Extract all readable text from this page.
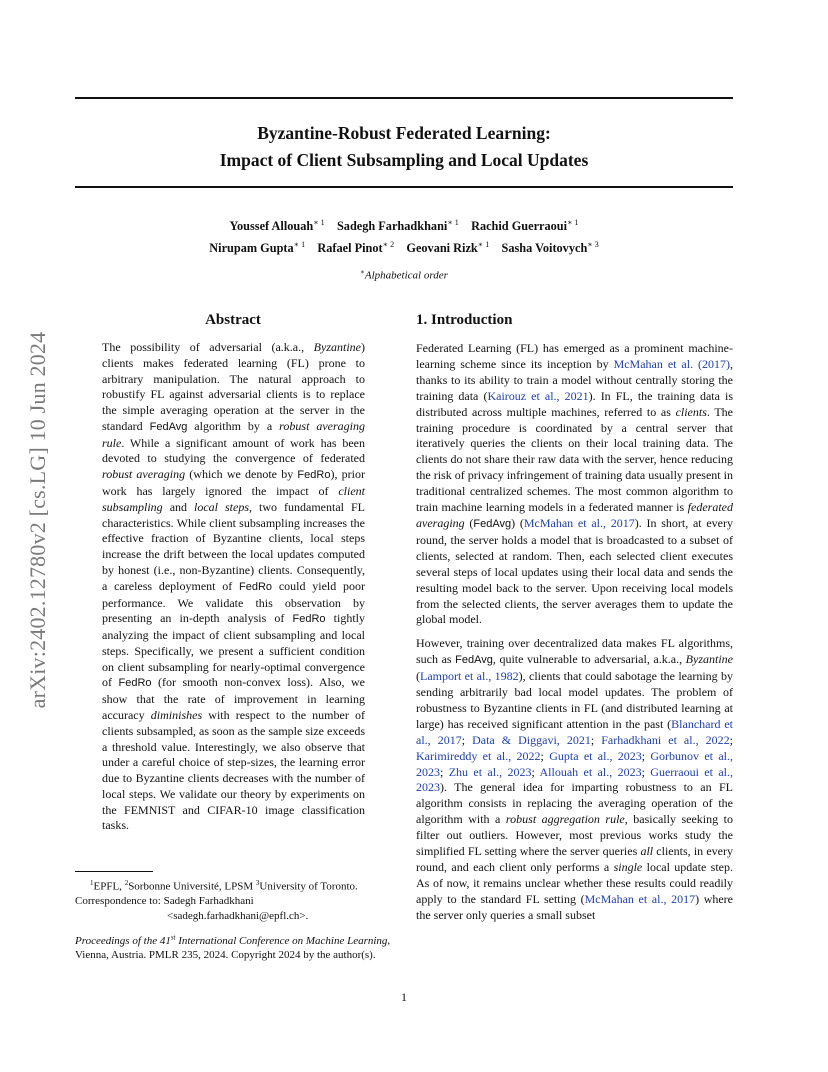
Byzantine-Robust Federated Learning:
Impact of Client Subsampling and Local Updates
Youssef Allouah$^{∗ 1}$ Sadegh Farhadkhani$^{∗ 1}$ Rachid Guerraoui$^{∗ 1}$
Nirupam Gupta$^{∗ 1}$ Rafael Pinot$^{∗ 2}$ Geovani Rizk$^{∗ 1}$ Sasha Voitovych$^{∗ 3}$
∗Alphabetical order
arXiv:2402.12780v2 [cs.LG] 10 Jun 2024
Abstract
The possibility of adversarial (a.k.a., Byzantine) clients makes federated learning (FL) prone to arbitrary manipulation. The natural approach to robustify FL against adversarial clients is to replace the simple averaging operation at the server in the standard FedAvg algorithm by a robust averaging rule. While a significant amount of work has been devoted to studying the convergence of federated robust averaging (which we denote by FedRo), prior work has largely ignored the impact of client subsampling and local steps, two fundamental FL characteristics. While client subsampling increases the effective fraction of Byzantine clients, local steps increase the drift between the local updates computed by honest (i.e., non-Byzantine) clients. Consequently, a careless deployment of FedRo could yield poor performance. We validate this observation by presenting an in-depth analysis of FedRo tightly analyzing the impact of client subsampling and local steps. Specifically, we present a sufficient condition on client subsampling for nearly-optimal convergence of FedRo (for smooth non-convex loss). Also, we show that the rate of improvement in learning accuracy diminishes with respect to the number of clients subsampled, as soon as the sample size exceeds a threshold value. Interestingly, we also observe that under a careful choice of step-sizes, the learning error due to Byzantine clients decreases with the number of local steps. We validate our theory by experiments on the FEMNIST and CIFAR-10 image classification tasks.
$^1$EPFL, $^2$Sorbonne Université, LPSM $^3$University of Toronto.
Correspondence to: Sadegh Farhadkhani
<sadegh.farhadkhani@epfl.ch>.
Proceedings of the 41st International Conference on Machine Learning, Vienna, Austria. PMLR 235, 2024. Copyright 2024 by the author(s).
1. Introduction

Federated Learning (FL) has emerged as a prominent machine-learning scheme since its inception by McMahan et al. (2017), thanks to its ability to train a model without centrally storing the training data (Kairouz et al., 2021). In FL, the training data is distributed across multiple machines, referred to as clients. The training procedure is coordinated by a central server that iteratively queries the clients on their local training data. The clients do not share their raw data with the server, hence reducing the risk of privacy infringement of training data usually present in traditional centralized schemes. The most common algorithm to train machine learning models in a federated manner is federated averaging (FedAvg) (McMahan et al., 2017). In short, at every round, the server holds a model that is broadcasted to a subset of clients, selected at random. Then, each selected client executes several steps of local updates using their local data and sends the resulting model back to the server. Upon receiving local models from the selected clients, the server averages them to update the global model.

However, training over decentralized data makes FL algorithms, such as FedAvg, quite vulnerable to adversarial, a.k.a., Byzantine (Lamport et al., 1982), clients that could sabotage the learning by sending arbitrarily bad local model updates. The problem of robustness to Byzantine clients in FL (and distributed learning at large) has received significant attention in the past (Blanchard et al., 2017; Data & Diggavi, 2021; Farhadkhani et al., 2022; Karimireddy et al., 2022; Gupta et al., 2023; Gorbunov et al., 2023; Zhu et al., 2023; Allouah et al., 2023; Guerraoui et al., 2023). The general idea for imparting robustness to an FL algorithm consists in replacing the averaging operation of the algorithm with a robust aggregation rule, basically seeking to filter out outliers. However, most previous works study the simplified FL setting where the server queries all clients, in every round, and each client only performs a single local update step. As of now, it remains unclear whether these results could readily apply to the standard FL setting (McMahan et al., 2017) where the server only queries a small subset

1
